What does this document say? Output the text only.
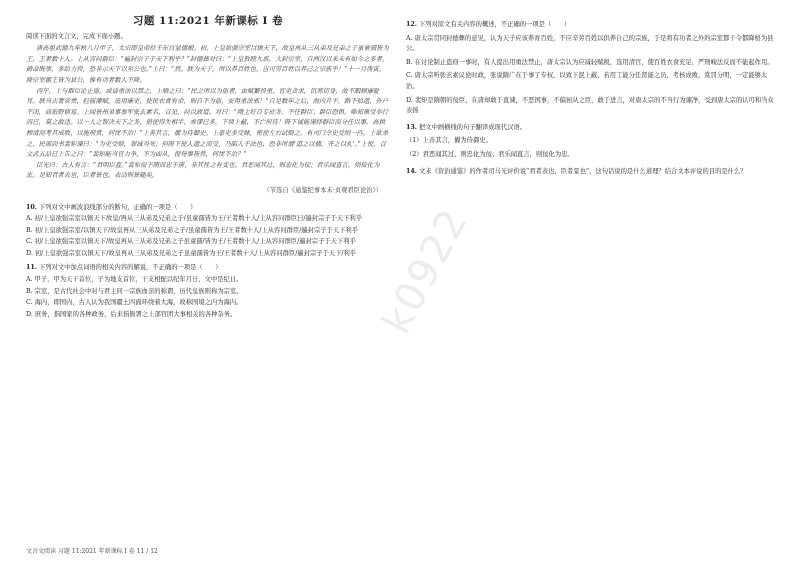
习题 11:2021 年新课标 I 卷
阅读下面的文言文，完成下面小题。

唐高祖武德九年秋八月甲子，太宗即皇帝位于东宫显德殿。初，上皇欲强宗室以镇天下，故皇再从三从弟及兄弟之子虽童孺皆为王，王者数十人。上从容问群臣：“遍封宗子于天下利乎？”封德彝对曰：“上皇敦睦九族，大封宗室，自两汉以来未有如今之多者。爵命既崇，多给力役，恐非示天下以至公也。”上曰：“然。朕为天子，所以养百姓也，岂可劳百姓以养己之宗族乎！”十一月庚寅，降宗室郡王皆为县公，惟有功者数人不降。

丙午，上与群臣论止盗。或请重法以禁之，上哂之曰：“民之所以为盗者，由赋繁役重，官吏贪求，饥寒切身，故不暇顾廉耻耳。朕当去奢省费，轻徭薄赋，选用廉吏，使民衣食有余，则自不为盗，安用重法邪！”自是数年之后，海内升平，路不拾遗，外户不闭，商旅野宿焉。上闻景州录事参军张玄素名，召见，问以政道。对曰：“隋主好自专庶务，不任群臣；群臣恐惧，唯知禀受奉行而已，莫之敢违。以一人之智决天下之务，借使得失相半，乖谬已多，下谀上蔽，不亡何待！陛下诚能谨择群臣而分任以事，高拱穆清而考其成败，以施刑赏，何忧不治！”上善其言，擢为侍御史。上患吏多受赇，密使左右试赂之。有司门令史受绢一匹，上欲杀之，民部尚书裴矩谏曰：“为吏受赂，罪诚当死；但陛下使人遗之而受，乃陷人于法也，恐非所谓‘道之以德，齐之以礼’。”上悦，召文武五品已上告之曰：“裴矩能当官力争，不为面从，傥每事皆然，何忧不治？”

臣光曰：古人有言：“君明臣直。”裴矩佞于隋而忠于唐，非其性之有变也。君恶闻其过，则忠化为佞；君乐闻直言，则佞化为忠。是知君者表也，臣者景也，表动则景随矣。

（节选自《通鉴纪事本末·贞观君臣论治》）
10. 下列对文中画波浪线部分的断句，正确的一项是（　　）
A. 初/上皇欲强宗室以镇天下故皇/再从三从弟及兄弟之子/虽童孺皆为王/王者数十人/上从容问群臣曰/遍封宗子于天下利乎
B. 初/上皇欲强宗室/以镇天下/故皇再从三从弟及兄弟之子/虽童孺皆为王/王者数十人/上从容问群臣/遍封宗子于天下利乎
C. 初/上皇欲强宗室以镇天下/故皇再从三从弟及兄弟之子虽童孺/皆为王/王者数十人/上从容问群臣/遍封宗子于天下利乎
D. 初/上皇欲强宗室以镇天下/故皇再从三从弟及兄弟之子虽童孺皆为王/王者数十人/上从容问群臣/遍封宗子于天下/利乎
11. 下列对文中加点词语的相关内容的解说，不正确的一项是（　　）
A. 甲子，甲为天干首位，子为地支首位，干支相配以纪年月日，文中是纪日。
B. 宗室，是古代社会中对与君主同一宗族血亲的称谓，历代皇族则称为宗室。
C. 海内，即国内，古人认为我国疆土四面环绕着大海，故称国境之内为海内。
D. 庶务，指国家的各种政务，后来指衙署之上部官团大事相关的各种杂务。
12. 下列对原文有关内容的概述，不正确的一项是（　　）
A. 唐太宗贯同封德彝的意见，认为天子应该养育百姓，不应辛劳百姓以供养自己的宗族，于是将有功者之外的宗室都干令都降格为县公。
B. 在讨论制止盗窃一事时，有人提出用重法禁止，唐太宗认为应减轻赋税，选用清官，使百姓衣食充足，严刑峻法反而不能起作用。
C. 唐太宗听张玄素议论时政，张说隋广在于事了专权，以致下泯上蔽，若用工能分任贤能之员，考核成败，赏罚分明，一定能够太治。
D. 裴矩是隋朝的佞臣，在唐却敢于直谏，不恶国事，不偏袒从之臣，敢于进言，对唐太宗的不当行为谏净，受到唐太宗的认可和当众表扬
13. 把文中画横线的句子翻译成现代汉语。
（1）上善其言，擢为侍御史。
（2）君恶闻其过，则忠化为佞；君乐闻直言，则佞化为忠。
14. 文末《资治通鉴》的作者司马光评价说“君者表也，臣者景也”，这句话说的是什么道理？结合文本评说的目的是什么？
k0922
文言文阅读 习题 11:2021 年新课标 I 卷 11 / 12
